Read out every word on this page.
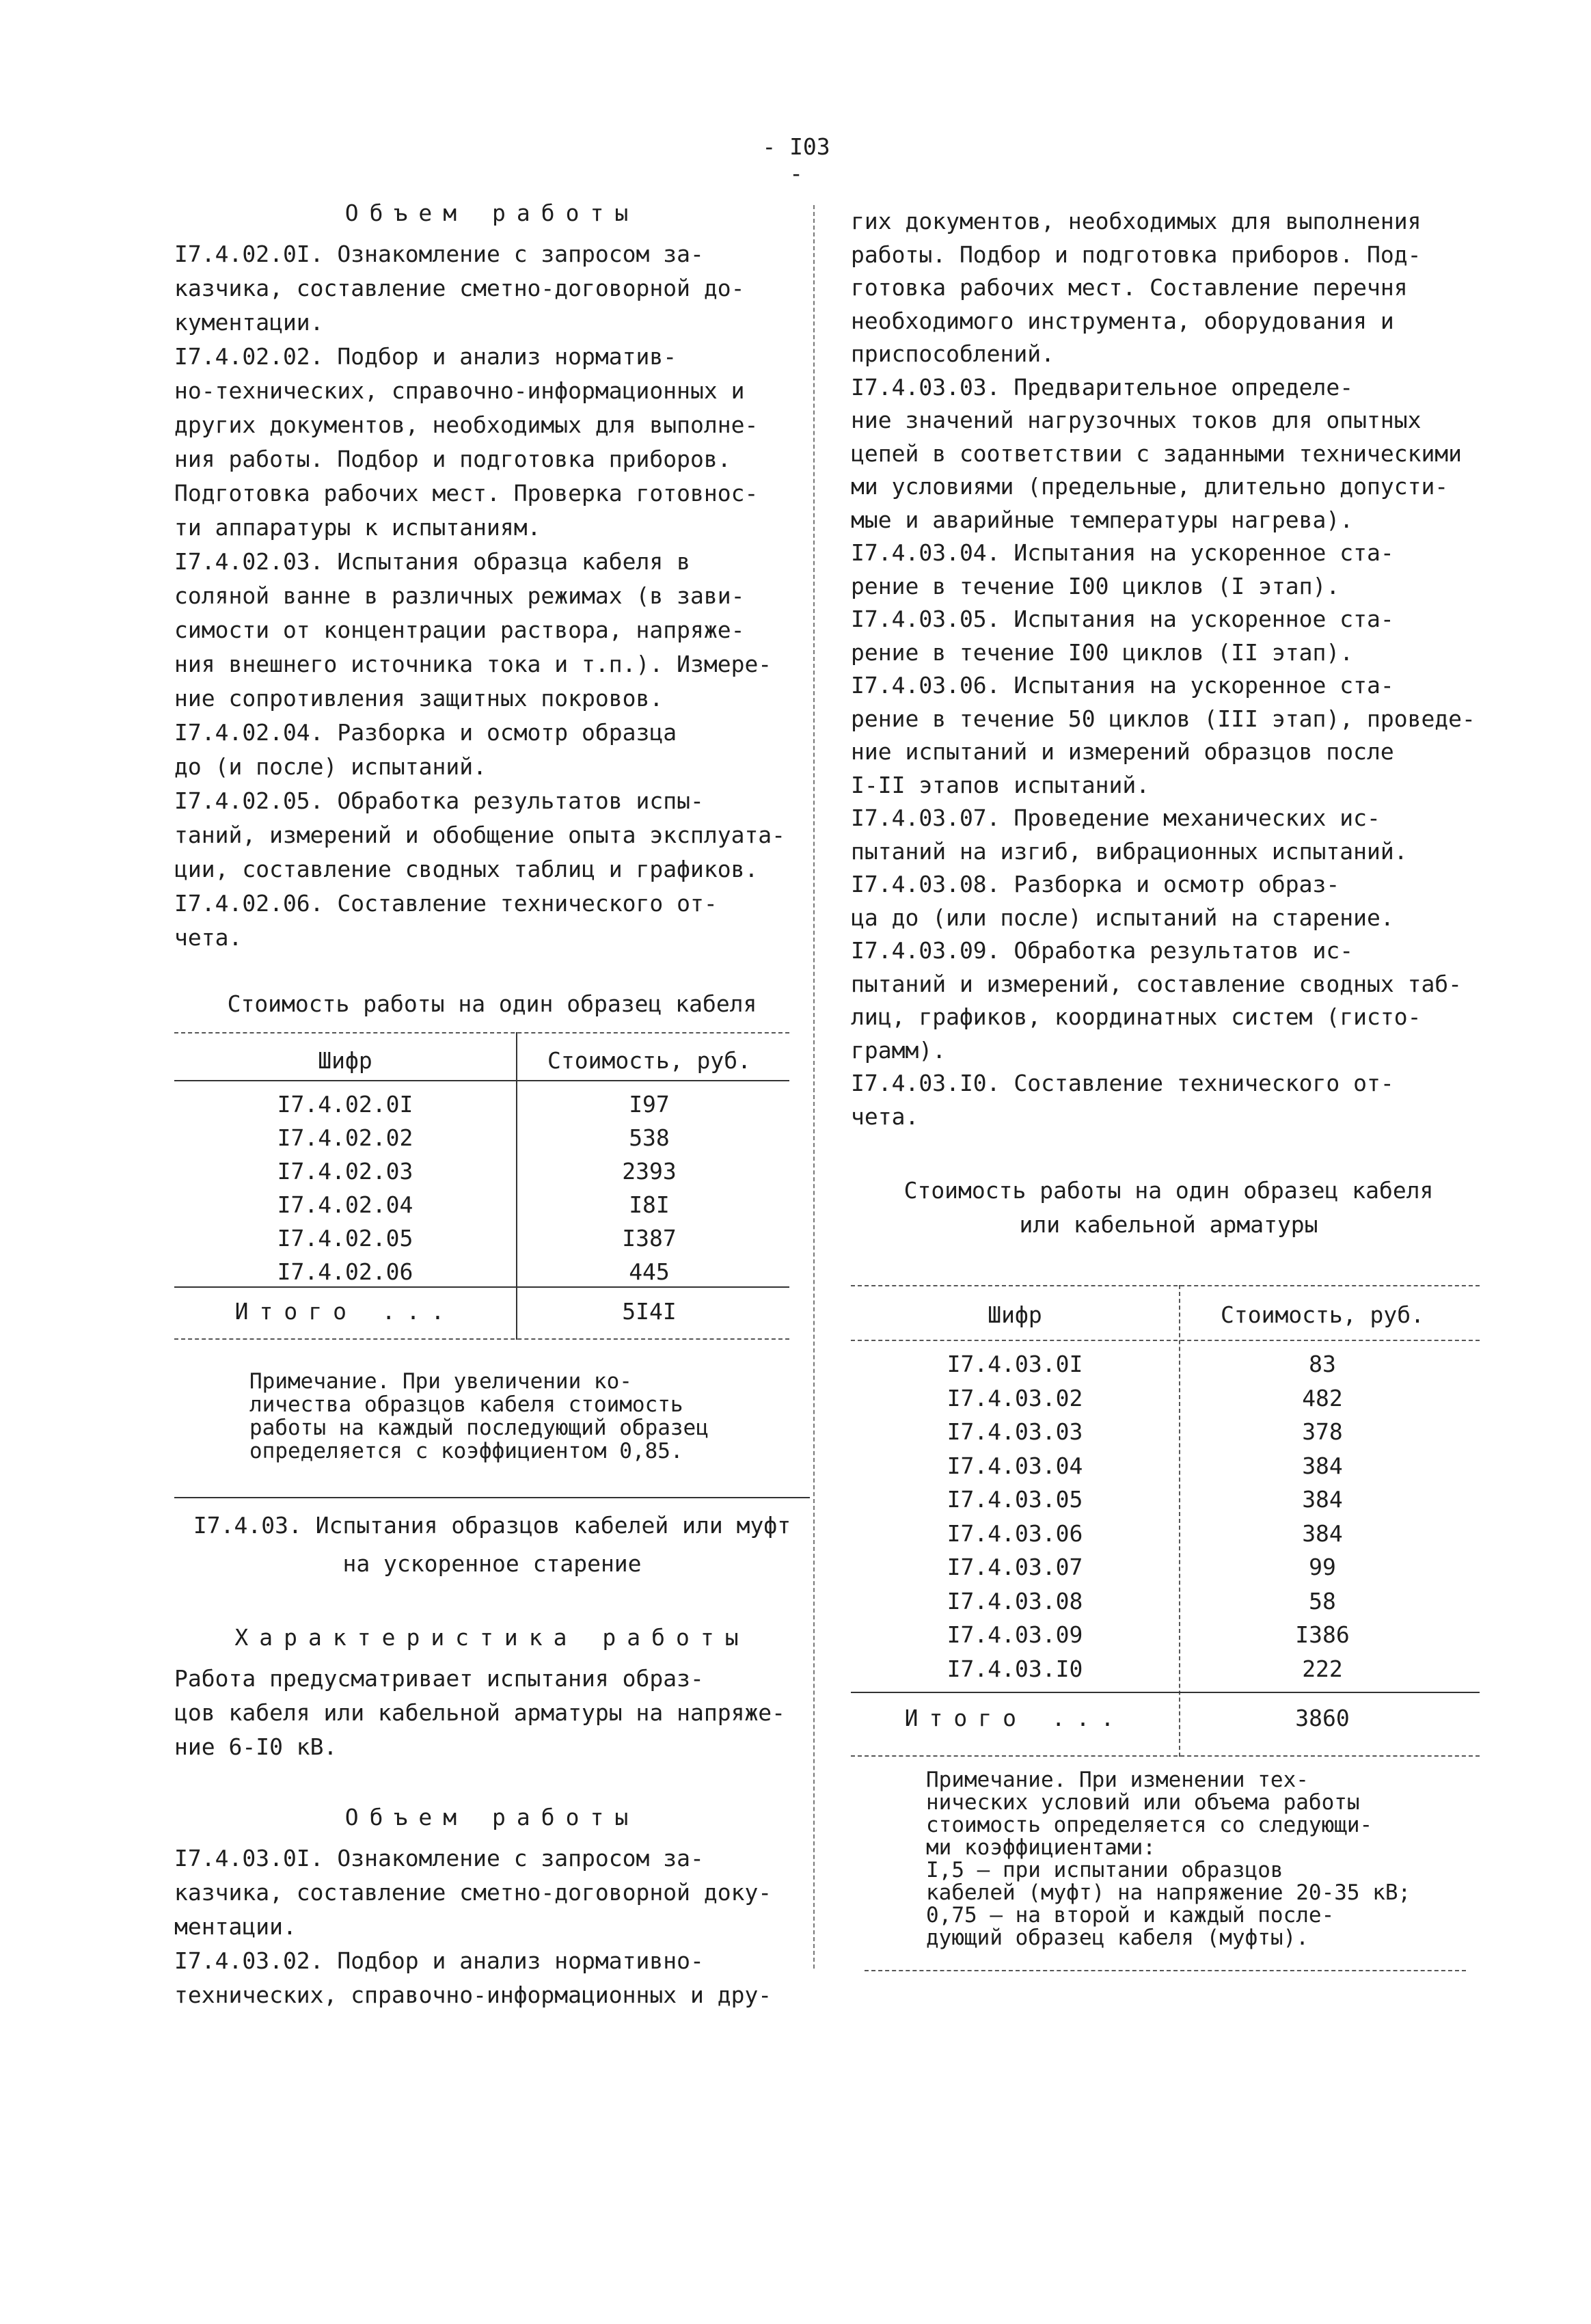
- I03 -
Объем работы
I7.4.02.0I. Ознакомление с запросом за-
казчика, составление сметно-договорной до-
кументации.
I7.4.02.02. Подбор и анализ норматив-
но-технических, справочно-информационных и
других документов, необходимых для выполне-
ния работы. Подбор и подготовка приборов.
Подготовка рабочих мест. Проверка готовнос-
ти аппаратуры к испытаниям.
I7.4.02.03. Испытания образца кабеля в
соляной ванне в различных режимах (в зави-
симости от концентрации раствора, напряже-
ния внешнего источника тока и т.п.). Измере-
ние сопротивления защитных покровов.
I7.4.02.04. Разборка и осмотр образца
до (и после) испытаний.
I7.4.02.05. Обработка результатов испы-
таний, измерений и обобщение опыта эксплуата-
ции, составление сводных таблиц и графиков.
I7.4.02.06. Составление технического от-
чета.
Стоимость работы на один образец кабеля
Шифр	Стоимость, руб.
I7.4.02.0I	I97
I7.4.02.02	538
I7.4.02.03	2393
I7.4.02.04	I8I
I7.4.02.05	I387
I7.4.02.06	445
Итого ...	5I4I
Примечание. При увеличении ко-
личества образцов кабеля стоимость
работы на каждый последующий образец
определяется с коэффициентом 0,85.
I7.4.03. Испытания образцов кабелей или муфт
на ускоренное старение
Характеристика работы
Работа предусматривает испытания образ-
цов кабеля или кабельной арматуры на напряже-
ние 6-I0 кВ.
Объем работы
I7.4.03.0I. Ознакомление с запросом за-
казчика, составление сметно-договорной доку-
ментации.
I7.4.03.02. Подбор и анализ нормативно-
технических, справочно-информационных и дру-
гих документов, необходимых для выполнения
работы. Подбор и подготовка приборов. Под-
готовка рабочих мест. Составление перечня
необходимого инструмента, оборудования и
приспособлений.
I7.4.03.03. Предварительное определе-
ние значений нагрузочных токов для опытных
цепей в соответствии с заданными техническими
ми условиями (предельные, длительно допусти-
мые и аварийные температуры нагрева).
I7.4.03.04. Испытания на ускоренное ста-
рение в течение I00 циклов (I этап).
I7.4.03.05. Испытания на ускоренное ста-
рение в течение I00 циклов (II этап).
I7.4.03.06. Испытания на ускоренное ста-
рение в течение 50 циклов (III этап), проведе-
ние испытаний и измерений образцов после
I-II этапов испытаний.
I7.4.03.07. Проведение механических ис-
пытаний на изгиб, вибрационных испытаний.
I7.4.03.08. Разборка и осмотр образ-
ца до (или после) испытаний на старение.
I7.4.03.09. Обработка результатов ис-
пытаний и измерений, составление сводных таб-
лиц, графиков, координатных систем (гисто-
грамм).
I7.4.03.I0. Составление технического от-
чета.
Стоимость работы на один образец кабеля
или кабельной арматуры
Шифр	Стоимость, руб.
I7.4.03.0I	83
I7.4.03.02	482
I7.4.03.03	378
I7.4.03.04	384
I7.4.03.05	384
I7.4.03.06	384
I7.4.03.07	99
I7.4.03.08	58
I7.4.03.09	I386
I7.4.03.I0	222
Итого ...	3860
Примечание. При изменении тех-
нических условий или объема работы
стоимость определяется со следующи-
ми коэффициентами:
I,5 – при испытании образцов
кабелей (муфт) на напряжение 20-35 кВ;
0,75 – на второй и каждый после-
дующий образец кабеля (муфты).
